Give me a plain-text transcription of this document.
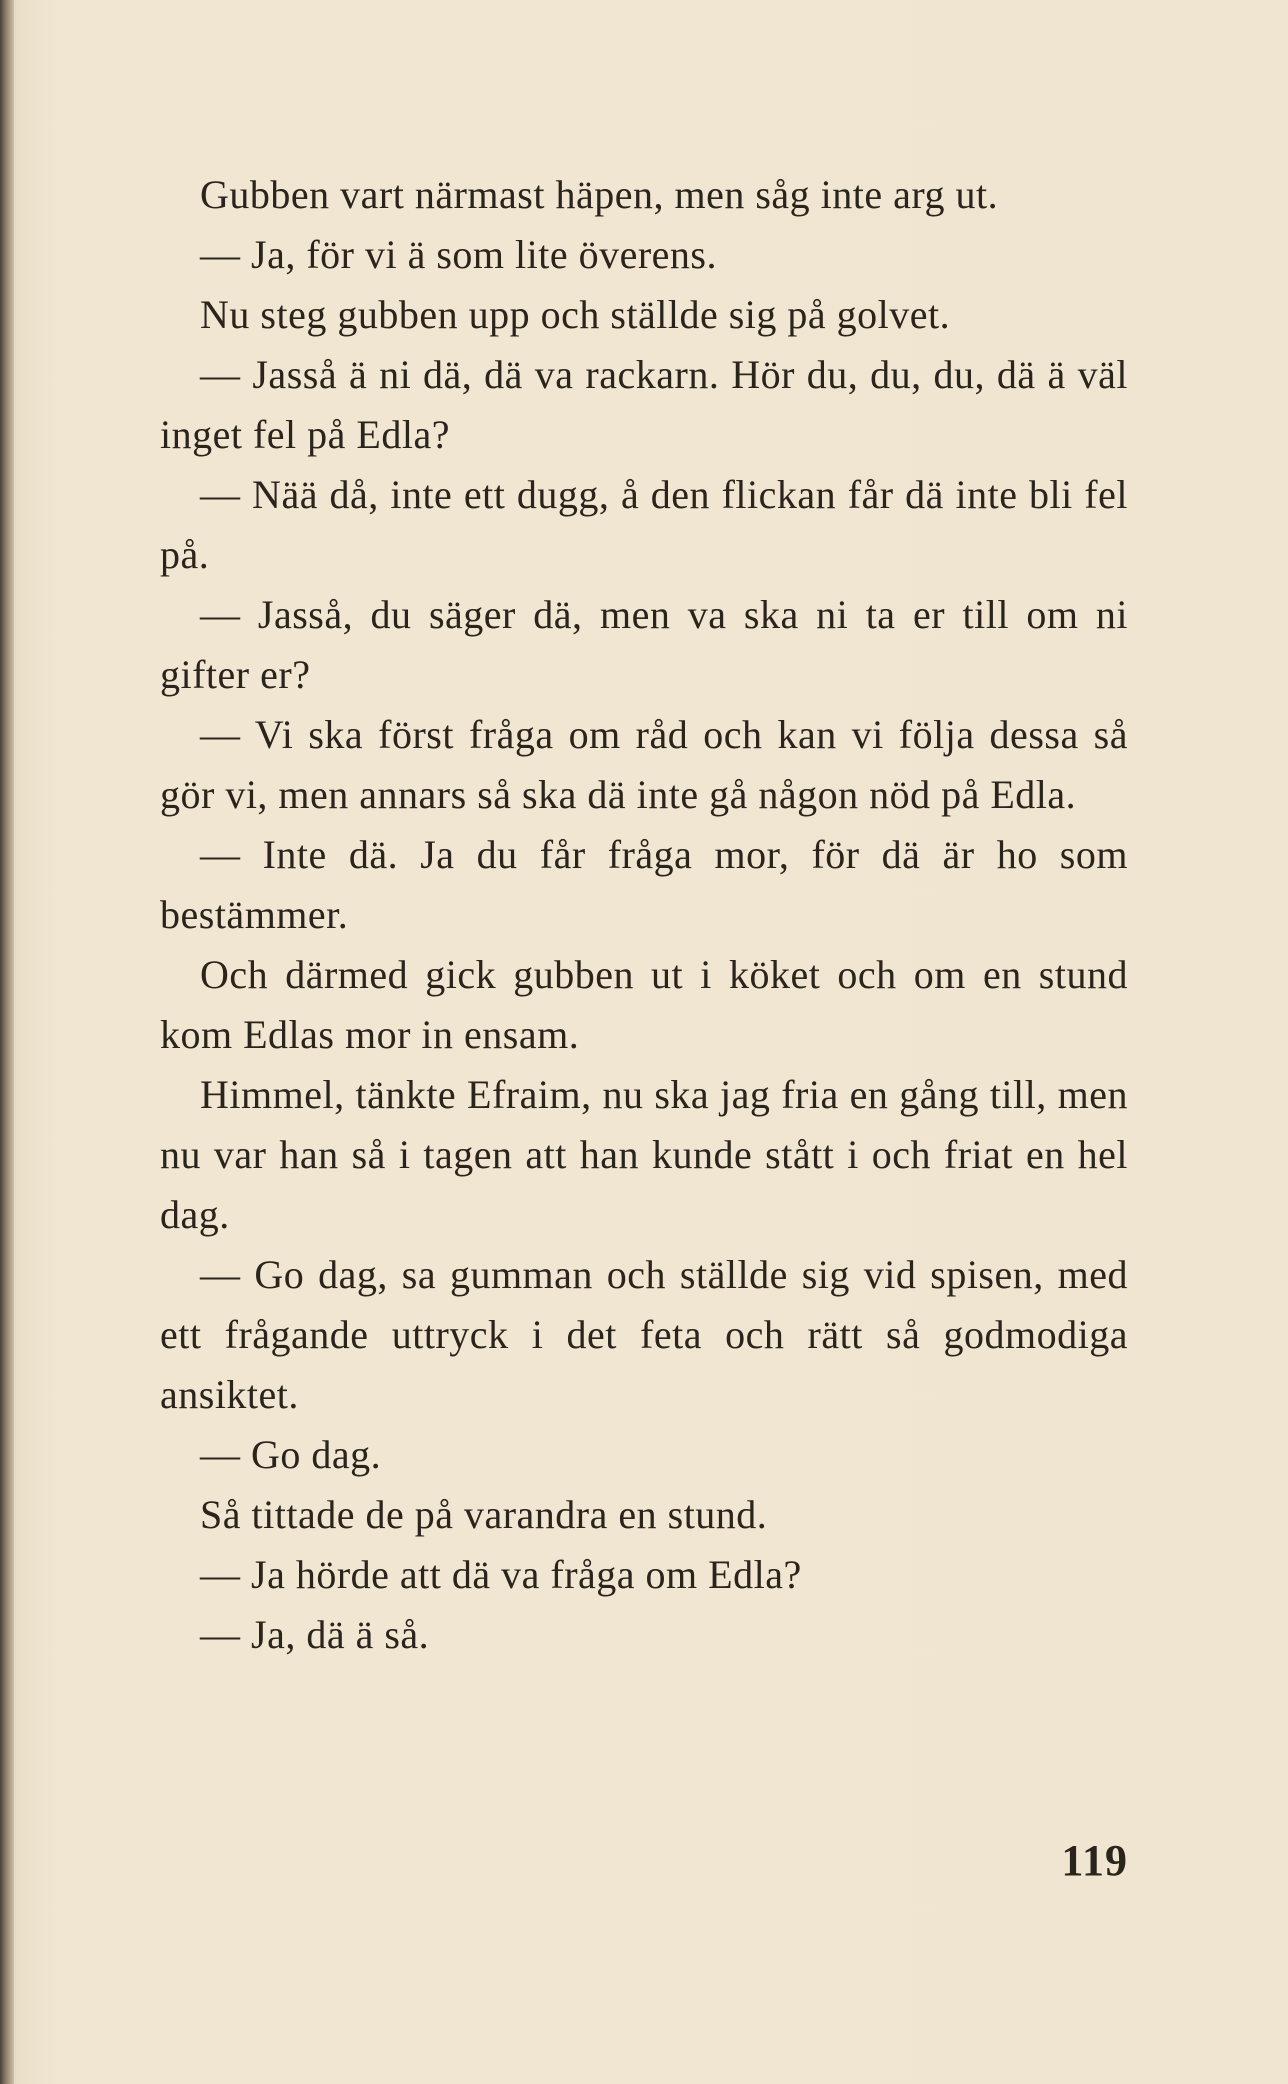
Gubben vart närmast häpen, men såg inte arg ut.

— Ja, för vi ä som lite överens.

Nu steg gubben upp och ställde sig på golvet.

— Jasså ä ni dä, dä va rackarn. Hör du, du, du, dä ä väl inget fel på Edla?

— Nää då, inte ett dugg, å den flickan får dä inte bli fel på.

— Jasså, du säger dä, men va ska ni ta er till om ni gifter er?

— Vi ska först fråga om råd och kan vi följa dessa så gör vi, men annars så ska dä inte gå någon nöd på Edla.

— Inte dä. Ja du får fråga mor, för dä är ho som bestämmer.

Och därmed gick gubben ut i köket och om en stund kom Edlas mor in ensam.

Himmel, tänkte Efraim, nu ska jag fria en gång till, men nu var han så i tagen att han kunde stått i och friat en hel dag.

— Go dag, sa gumman och ställde sig vid spisen, med ett frågande uttryck i det feta och rätt så godmodiga ansiktet.

— Go dag.

Så tittade de på varandra en stund.

— Ja hörde att dä va fråga om Edla?

— Ja, dä ä så.

119
